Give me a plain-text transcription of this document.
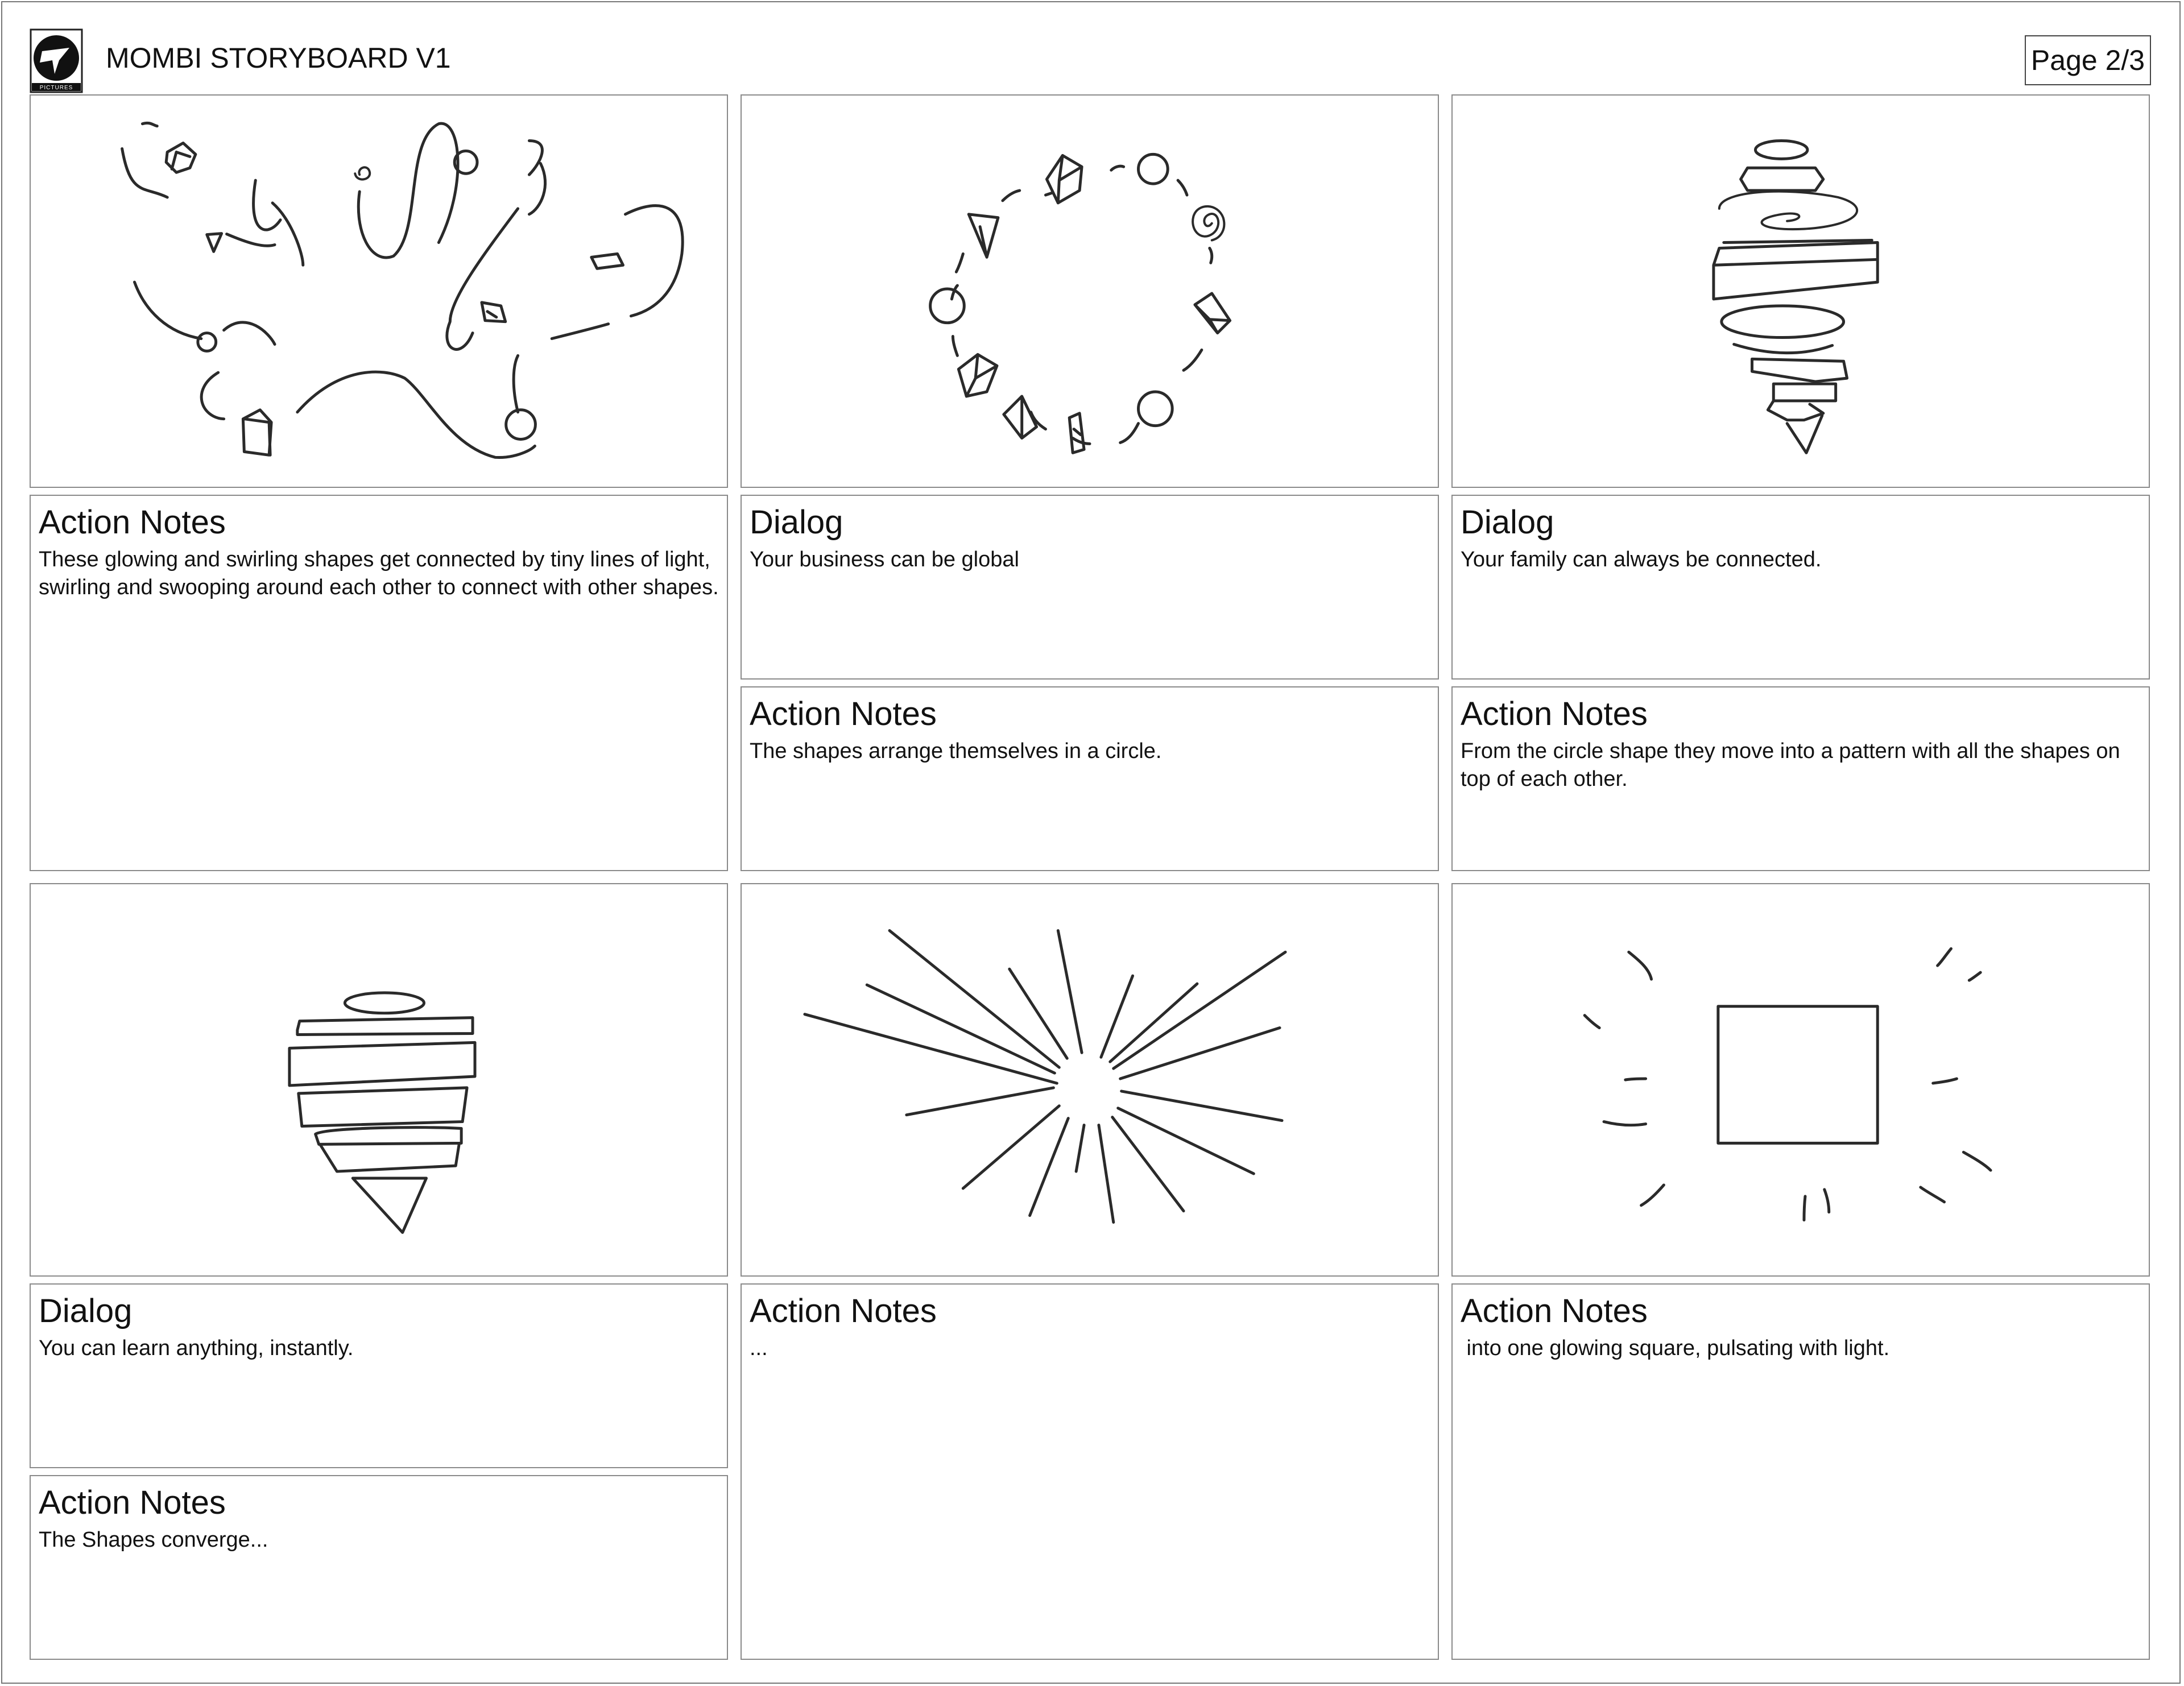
PICTURES
MOMBI STORYBOARD V1	Page 2/3
Action Notes
These glowing and swirling shapes get connected by tiny lines of light, swirling and swooping around each other to connect with other shapes.
Dialog
Your business can be global
Action Notes
The shapes arrange themselves in a circle.
Dialog
Your family can always be connected.
Action Notes
From the circle shape they move into a pattern with all the shapes on top of each other.
Dialog
You can learn anything, instantly.
Action Notes
The Shapes converge...
Action Notes
...
Action Notes
into one glowing square, pulsating with light.
